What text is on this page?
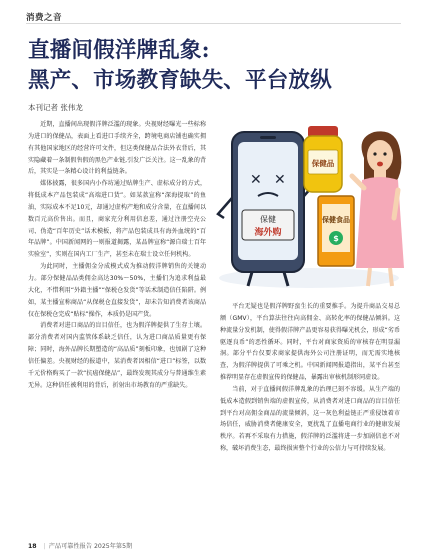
消费之音
直播间假洋牌乱象:
黑产、市场教育缺失、平台放纵
本刊记者 张伟龙

近期，直播间出现假洋牌泛滥的现象。央视财经曝光一些标称为进口的保健品，表面上看进口手续齐全，跨境电商店铺也确实拥有其他国家地区的经营许可文件，但这类保健品合法外衣背后，其实隐藏着一条制假售假的黑色产业链,引发广泛关注。这一乱象的背后，其实是一条精心设计的利益链条。

媒体披露，很多国内小作坊通过贴牌生产、虚标成分的方式，将低成本产品包装成“高端进口货”。如某款宣称“深海提取”的鱼油，实际成本不足10元，却通过虚构产地和成分含量，在直播间以数百元高价售出。而且，商家充分利用信息差，通过注册空壳公司、伪造“百年历史”话术模板，将产品包装成具有海外血统的“百年品牌”。中国新闻网的一则报道揭露，某品牌宣称“源自瑞士百年实验室”，实则在国内工厂生产，甚至未在瑞士设立任何机构。

为此同时，主播佣金分成模式成为推动假洋牌销售的关键动力。部分保健品品类佣金高达30%～50%，主播们为追求利益最大化，不惜利用“外籍主播”“保税仓发货”等话术制造信任陷阱。例如，某主播宣称商品“从保税仓直接发货”，却未告知消费者该商品仅在保税仓完成“贴标”操作，本质仍是国产货。

消费者对进口商品的盲目信任，也为假洋牌提供了生存土壤。部分消费者对国内监管体系缺乏信任，认为进口商品质量更有保障；同时，海外品牌长期塑造的“高品质”刻板印象，也加剧了这种信任偏差。央视财经的报道中，某消费者因相信“进口”标签，以数千元价格购买了一款“抗癌保健品”，最终发现其成分与普通维生素无异。这种信任被利用的背后，折射出市场教育的严重缺失。

✕ ✕
保健
海外购
保健品
保健食品
$

平台无疑也是假洋牌野蛮生长的重要推手。为提升商品交易总额（GMV），平台算法往往向高佣金、高转化率的保健品倾斜。这种流量分发机制，使得假洋牌产品更容易获得曝光机会，形成“劣币驱逐良币”的恶性循环。同时，平台对商家资质的审核存在明显漏洞。部分平台仅要求商家提供海外公司注册证明，而无需实地核查，为假洋牌提供了可乘之机。中国新闻网报道指出，某平台甚至推荐明显存在虚假宣传的保健品，暴露出审核机制形同虚设。

当前，对于直播间假洋牌乱象的治理已刻不容缓。从生产端的低成本造假到销售端的虚假宣传，从消费者对进口商品的盲目信任到平台对高佣金商品的流量倾斜，这一灰色利益链正严重侵蚀着市场信任，威胁消费者健康安全，更扰乱了直播电商行业的健康发展秩序。若再不采取有力措施，假洋牌的泛滥将进一步加剧信息不对称，破坏消费生态，最终损害整个行业的公信力与可持续发展。

18 | 产品可靠性报告 2025年第5期
